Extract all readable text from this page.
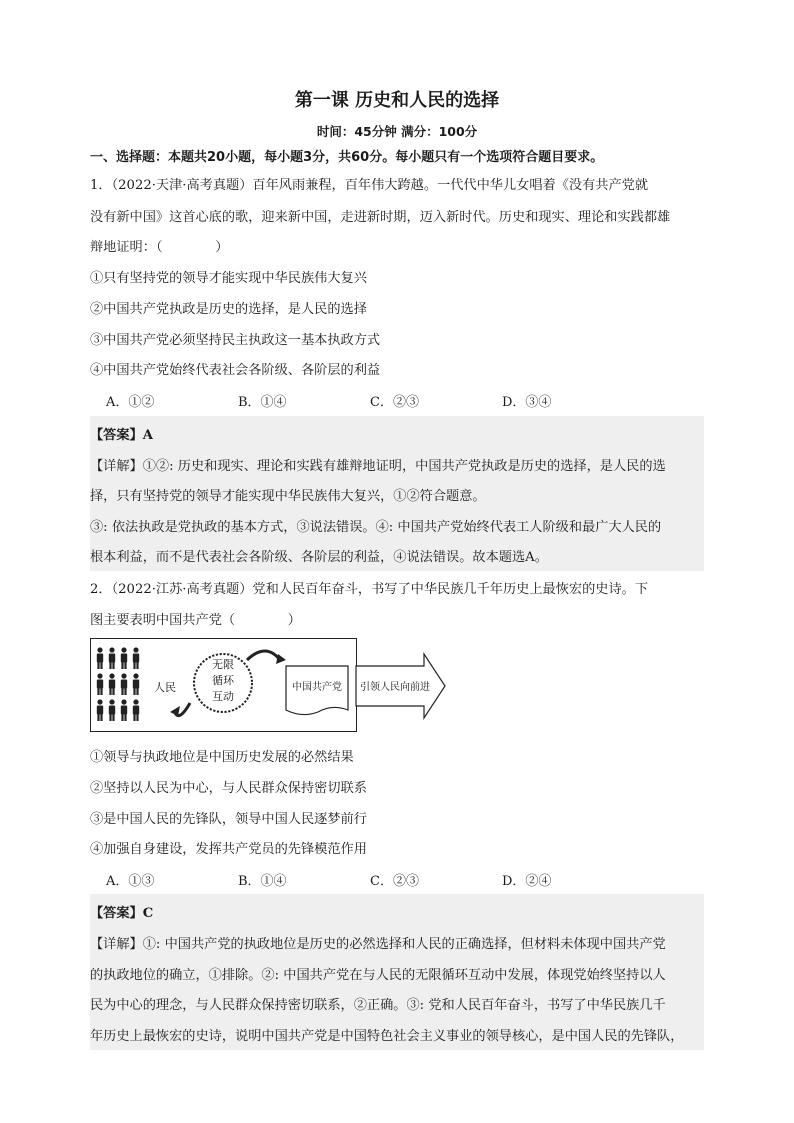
第一课 历史和人民的选择
时间：45分钟 满分：100分
一、选择题：本题共20小题，每小题3分，共60分。每小题只有一个选项符合题目要求。
1．（2022·天津·高考真题）百年风雨兼程，百年伟大跨越。一代代中华儿女唱着《没有共产党就
没有新中国》这首心底的歌，迎来新中国，走进新时期，迈入新时代。历史和现实、理论和实践都雄
辩地证明：（　　　　）
①只有坚持党的领导才能实现中华民族伟大复兴
②中国共产党执政是历史的选择，是人民的选择
③中国共产党必须坚持民主执政这一基本执政方式
④中国共产党始终代表社会各阶级、各阶层的利益
A．①②	B．①④	C．②③	D．③④
【答案】A
【详解】①②: 历史和现实、理论和实践有雄辩地证明，中国共产党执政是历史的选择，是人民的选
择，只有坚持党的领导才能实现中华民族伟大复兴，①②符合题意。
③: 依法执政是党执政的基本方式，③说法错误。④: 中国共产党始终代表工人阶级和最广大人民的
根本利益，而不是代表社会各阶级、各阶层的利益，④说法错误。故本题选A。
2．（2022·江苏·高考真题）党和人民百年奋斗，书写了中华民族几千年历史上最恢宏的史诗。下
图主要表明中国共产党（　　　　）
人民
无限
循环
互动
中国共产党 引领人民向前进
①领导与执政地位是中国历史发展的必然结果
②坚持以人民为中心，与人民群众保持密切联系
③是中国人民的先锋队，领导中国人民逐梦前行
④加强自身建设，发挥共产党员的先锋模范作用
A．①③	B．①④	C．②③	D．②④
【答案】C
【详解】①: 中国共产党的执政地位是历史的必然选择和人民的正确选择，但材料未体现中国共产党
的执政地位的确立，①排除。②: 中国共产党在与人民的无限循环互动中发展，体现党始终坚持以人
民为中心的理念，与人民群众保持密切联系，②正确。③: 党和人民百年奋斗，书写了中华民族几千
年历史上最恢宏的史诗，说明中国共产党是中国特色社会主义事业的领导核心，是中国人民的先锋队，
